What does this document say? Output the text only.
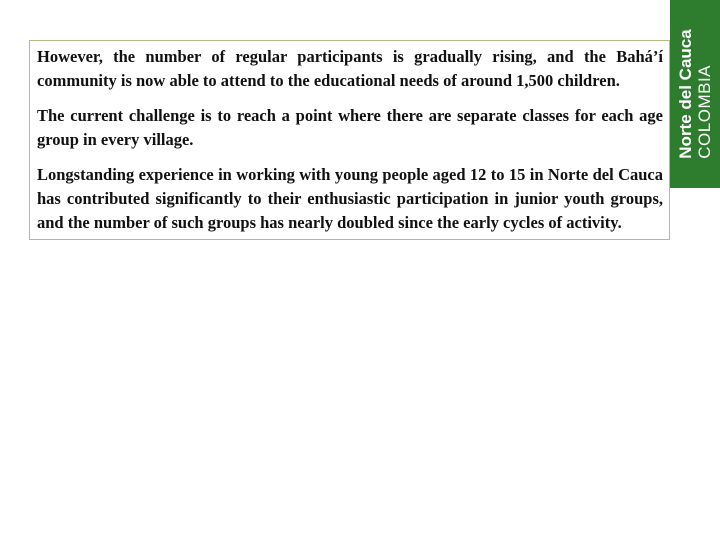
However, the number of regular participants is gradually rising, and the Bahá’í community is now able to attend to the educational needs of around 1,500 children.

The current challenge is to reach a point where there are separate classes for each age group in every village.

Longstanding experience in working with young people aged 12 to 15 in Norte del Cauca has contributed significantly to their enthusiastic participation in junior youth groups, and the number of such groups has nearly doubled since the early cycles of activity.

Norte del Cauca COLOMBIA
